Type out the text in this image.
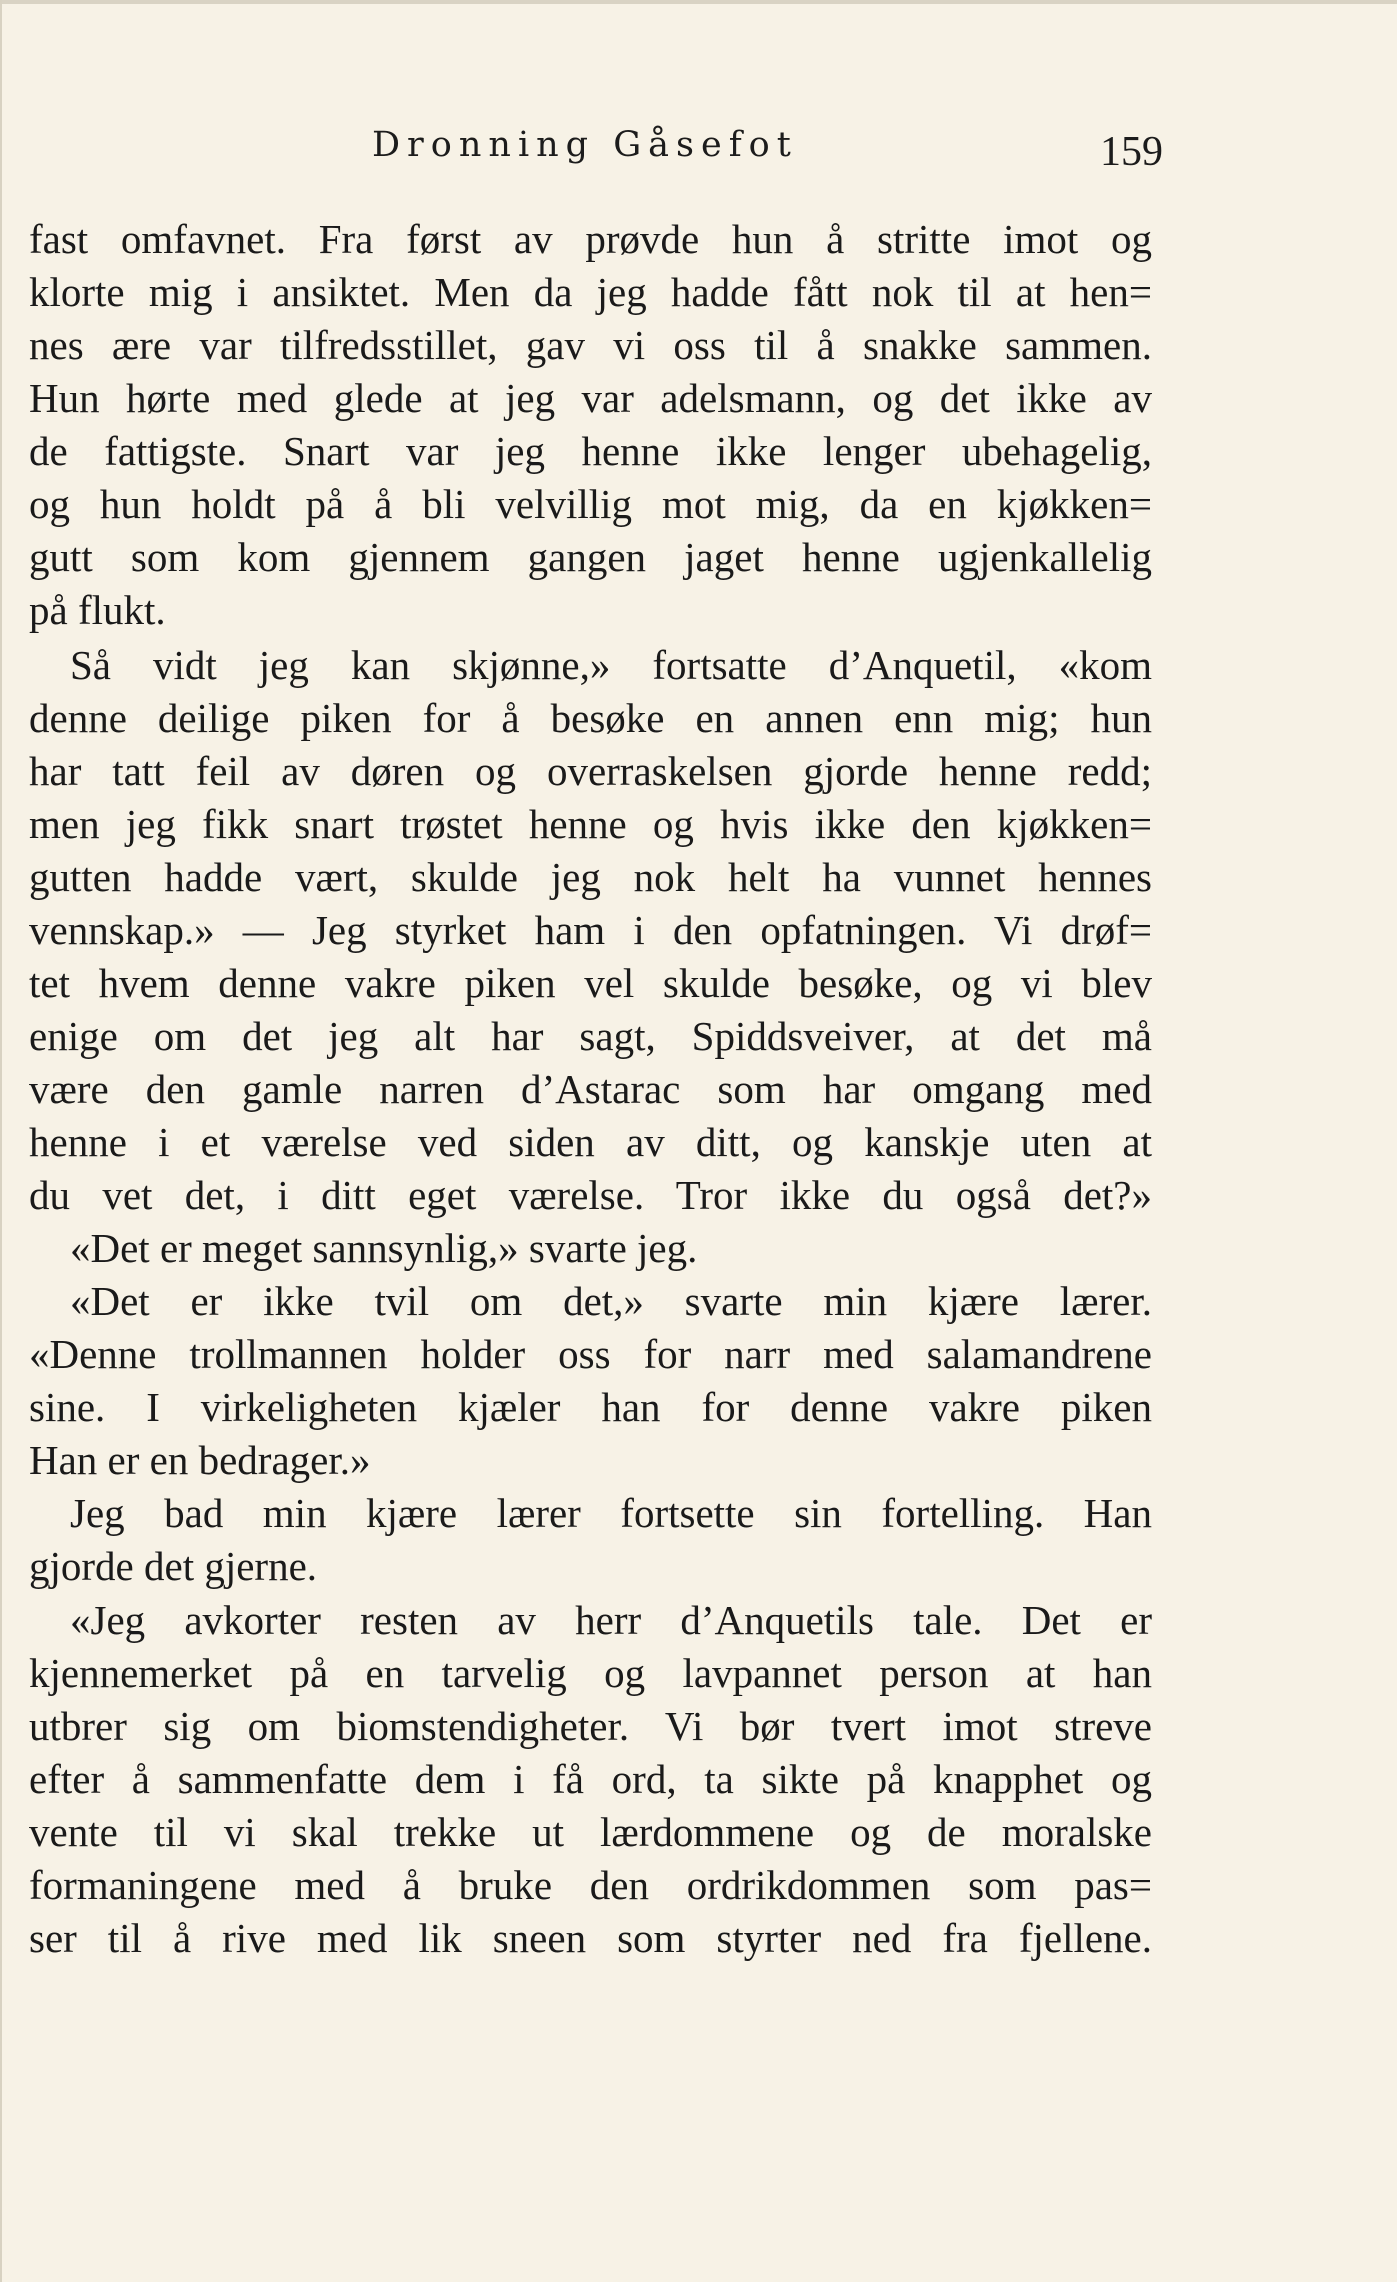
Dronning Gåsefot	159
fast omfavnet. Fra først av prøvde hun å stritte imot og
klorte mig i ansiktet. Men da jeg hadde fått nok til at hen=
nes ære var tilfredsstillet, gav vi oss til å snakke sammen.
Hun hørte med glede at jeg var adelsmann, og det ikke av
de fattigste. Snart var jeg henne ikke lenger ubehagelig,
og hun holdt på å bli velvillig mot mig, da en kjøkken=
gutt som kom gjennem gangen jaget henne ugjenkallelig
på flukt.
Så vidt jeg kan skjønne,» fortsatte d’Anquetil, «kom
denne deilige piken for å besøke en annen enn mig; hun
har tatt feil av døren og overraskelsen gjorde henne redd;
men jeg fikk snart trøstet henne og hvis ikke den kjøkken=
gutten hadde vært, skulde jeg nok helt ha vunnet hennes
vennskap.» — Jeg styrket ham i den opfatningen. Vi drøf=
tet hvem denne vakre piken vel skulde besøke, og vi blev
enige om det jeg alt har sagt, Spiddsveiver, at det må
være den gamle narren d’Astarac som har omgang med
henne i et værelse ved siden av ditt, og kanskje uten at
du vet det, i ditt eget værelse. Tror ikke du også det?»
«Det er meget sannsynlig,» svarte jeg.
«Det er ikke tvil om det,» svarte min kjære lærer.
«Denne trollmannen holder oss for narr med salamandrene
sine. I virkeligheten kjæler han for denne vakre piken
Han er en bedrager.»
Jeg bad min kjære lærer fortsette sin fortelling. Han
gjorde det gjerne.
«Jeg avkorter resten av herr d’Anquetils tale. Det er
kjennemerket på en tarvelig og lavpannet person at han
utbrer sig om biomstendigheter. Vi bør tvert imot streve
efter å sammenfatte dem i få ord, ta sikte på knapphet og
vente til vi skal trekke ut lærdommene og de moralske
formaningene med å bruke den ordrikdommen som pas=
ser til å rive med lik sneen som styrter ned fra fjellene.
